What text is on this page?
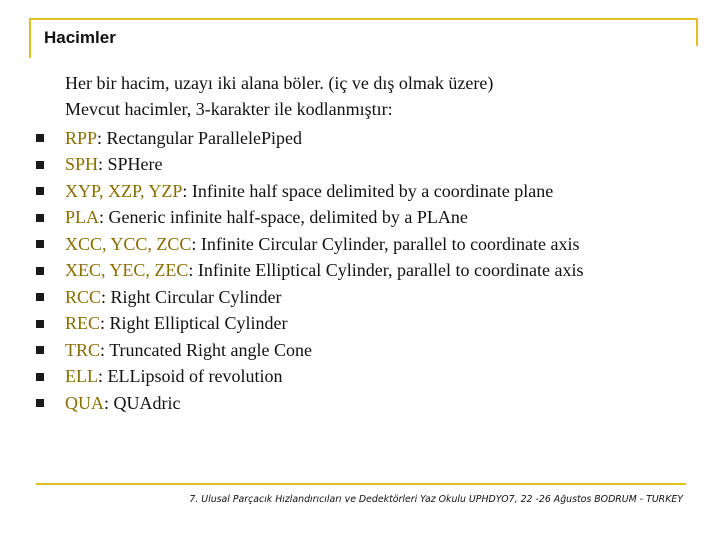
Hacimler
Her bir hacim, uzayı iki alana böler. (iç ve dış olmak üzere)
Mevcut hacimler, 3-karakter ile kodlanmıştır:
RPP : Rectangular ParallelePiped
SPH : SPHere
XYP, XZP, YZP : Infinite half space delimited by a coordinate plane
PLA : Generic infinite half-space, delimited by a PLAne
XCC, YCC, ZCC : Infinite Circular Cylinder, parallel to coordinate axis
XEC, YEC, ZEC : Infinite Elliptical Cylinder, parallel to coordinate axis
RCC : Right Circular Cylinder
REC : Right Elliptical Cylinder
TRC : Truncated Right angle Cone
ELL : ELLipsoid of revolution
QUA : QUAdric
7. Ulusal Parçacık Hızlandırıcıları ve Dedektörleri Yaz Okulu UPHDYO7, 22 -26 Ağustos BODRUM - TURKEY
